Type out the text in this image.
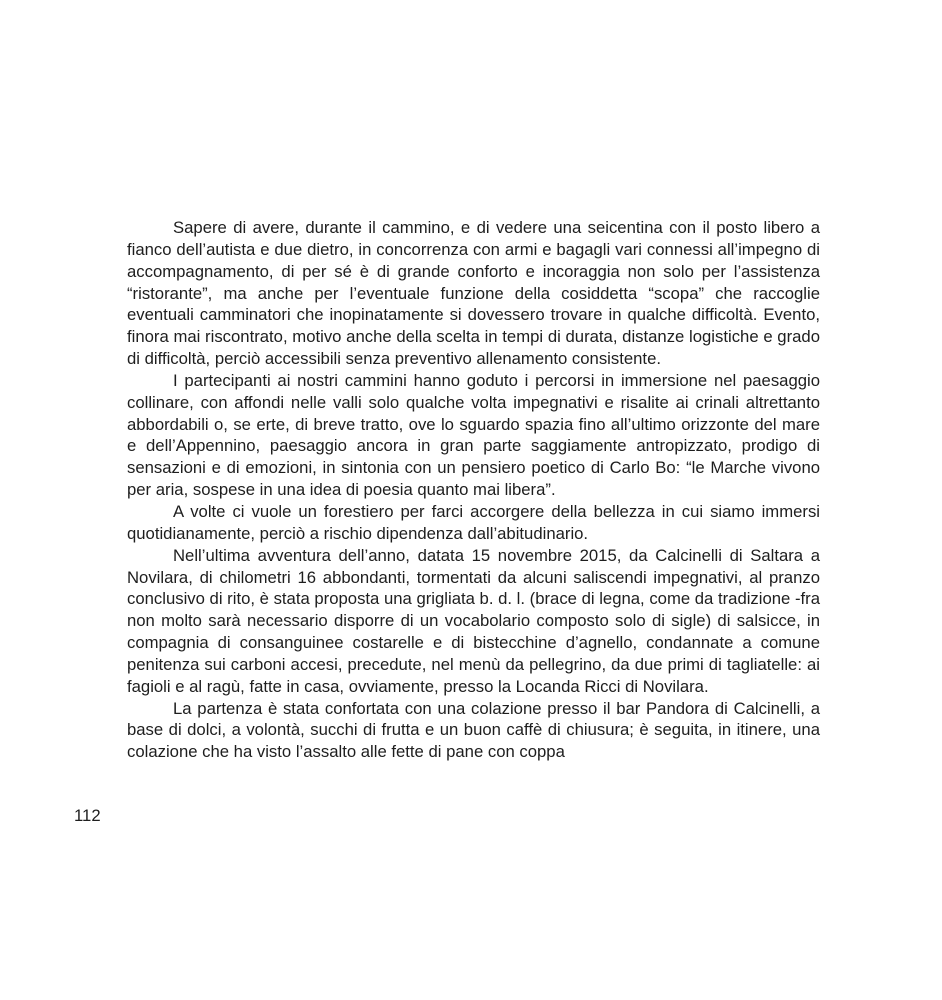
112

Sapere di avere, durante il cammino, e di vedere una seicentina con il posto libero a fianco dell’autista e due dietro, in concorrenza con armi e bagagli vari connessi all’impegno di accompagnamento, di per sé è di grande conforto e incoraggia non solo per l’assistenza “ristorante”, ma anche per l’eventuale funzione della cosiddetta “scopa” che raccoglie eventuali camminatori che inopinatamente si dovessero trovare in qualche difficoltà. Evento, finora mai riscontrato, motivo anche della scelta in tempi di durata, distanze logistiche e grado di difficoltà, perciò accessibili senza preventivo allenamento consistente.

I partecipanti ai nostri cammini hanno goduto i percorsi in immersione nel paesaggio collinare, con affondi nelle valli solo qualche volta impegnativi e risalite ai crinali altrettanto abbordabili o, se erte, di breve tratto, ove lo sguardo spazia fino all’ultimo orizzonte del mare e dell’Appennino, paesaggio ancora in gran parte saggiamente antropizzato, prodigo di sensazioni e di emozioni, in sintonia con un pensiero poetico di Carlo Bo: “le Marche vivono per aria, sospese in una idea di poesia quanto mai libera”.

A volte ci vuole un forestiero per farci accorgere della bellezza in cui siamo immersi quotidianamente, perciò a rischio dipendenza dall’abitudinario.

Nell’ultima avventura dell’anno, datata 15 novembre 2015, da Calcinelli di Saltara a Novilara, di chilometri 16 abbondanti, tormentati da alcuni saliscendi impegnativi, al pranzo conclusivo di rito, è stata proposta una grigliata b. d. l. (brace di legna, come da tradizione -fra non molto sarà necessario disporre di un vocabolario composto solo di sigle) di salsicce, in compagnia di consanguinee costarelle e di bistecchine d’agnello, condannate a comune penitenza sui carboni accesi, precedute, nel menù da pellegrino, da due primi di tagliatelle: ai fagioli e al ragù, fatte in casa, ovviamente, presso la Locanda Ricci di Novilara.

La partenza è stata confortata con una colazione presso il bar Pandora di Calcinelli, a base di dolci, a volontà, succhi di frutta e un buon caffè di chiusura; è seguita, in itinere, una colazione che ha visto l’assalto alle fette di pane con coppa
